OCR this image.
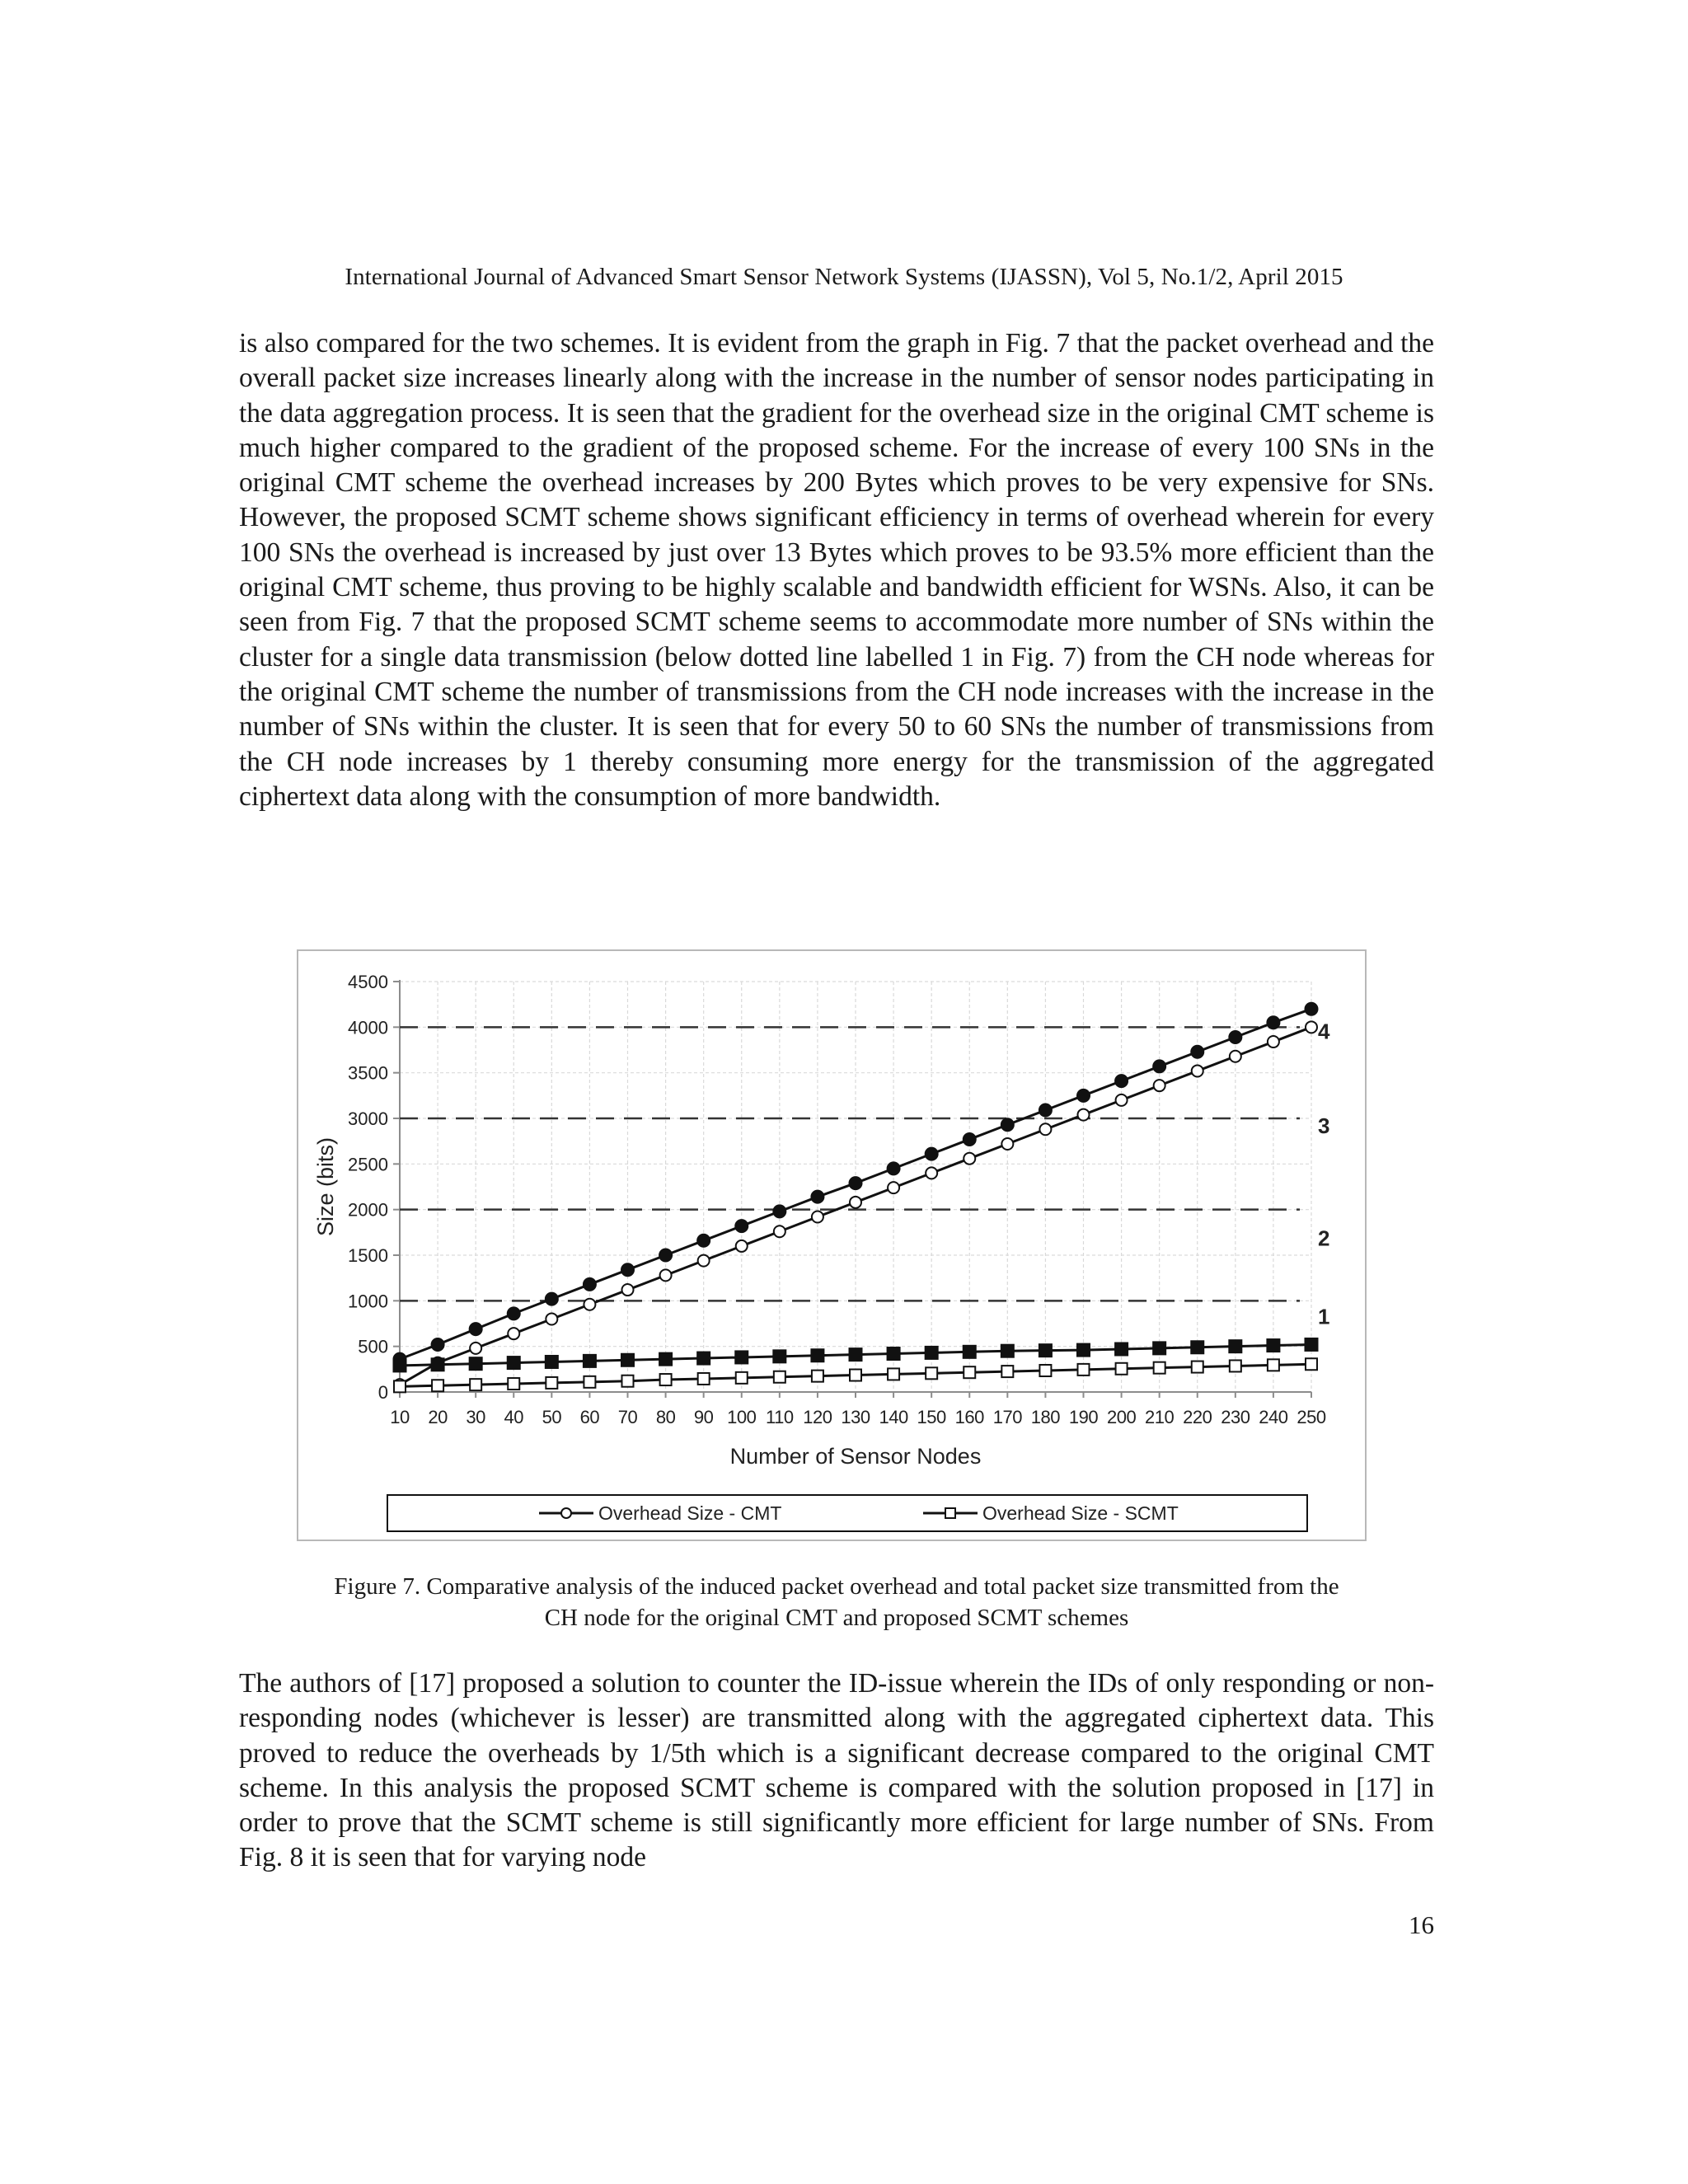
International Journal of Advanced Smart Sensor Network Systems (IJASSN), Vol 5, No.1/2, April 2015
is also compared for the two schemes. It is evident from the graph in Fig. 7 that the packet overhead and the overall packet size increases linearly along with the increase in the number of sensor nodes participating in the data aggregation process. It is seen that the gradient for the overhead size in the original CMT scheme is much higher compared to the gradient of the proposed scheme. For the increase of every 100 SNs in the original CMT scheme the overhead increases by 200 Bytes which proves to be very expensive for SNs. However, the proposed SCMT scheme shows significant efficiency in terms of overhead wherein for every 100 SNs the overhead is increased by just over 13 Bytes which proves to be 93.5% more efficient than the original CMT scheme, thus proving to be highly scalable and bandwidth efficient for WSNs. Also, it can be seen from Fig. 7 that the proposed SCMT scheme seems to accommodate more number of SNs within the cluster for a single data transmission (below dotted line labelled 1 in Fig. 7) from the CH node whereas for the original CMT scheme the number of transmissions from the CH node increases with the increase in the number of SNs within the cluster. It is seen that for every 50 to 60 SNs the number of transmissions from the CH node increases by 1 thereby consuming more energy for the transmission of the aggregated ciphertext data along with the consumption of more bandwidth.
0
500
1000
1500
2000
2500
3000
3500
4000
4500
10 20 30 40 50 60 70 80 90 100 110 120 130 140 150 160 170 180 190 200 210 220 230 240 250
Number of Sensor Nodes
Size (bits)
1
2
3
4
Overhead Size - CMT	Overhead Size - SCMT
Figure 7. Comparative analysis of the induced packet overhead and total packet size transmitted from the
CH node for the original CMT and proposed SCMT schemes
The authors of [17] proposed a solution to counter the ID-issue wherein the IDs of only responding or non-responding nodes (whichever is lesser) are transmitted along with the aggregated ciphertext data. This proved to reduce the overheads by 1/5th which is a significant decrease compared to the original CMT scheme. In this analysis the proposed SCMT scheme is compared with the solution proposed in [17] in order to prove that the SCMT scheme is still significantly more efficient for large number of SNs. From Fig. 8 it is seen that for varying node
16
